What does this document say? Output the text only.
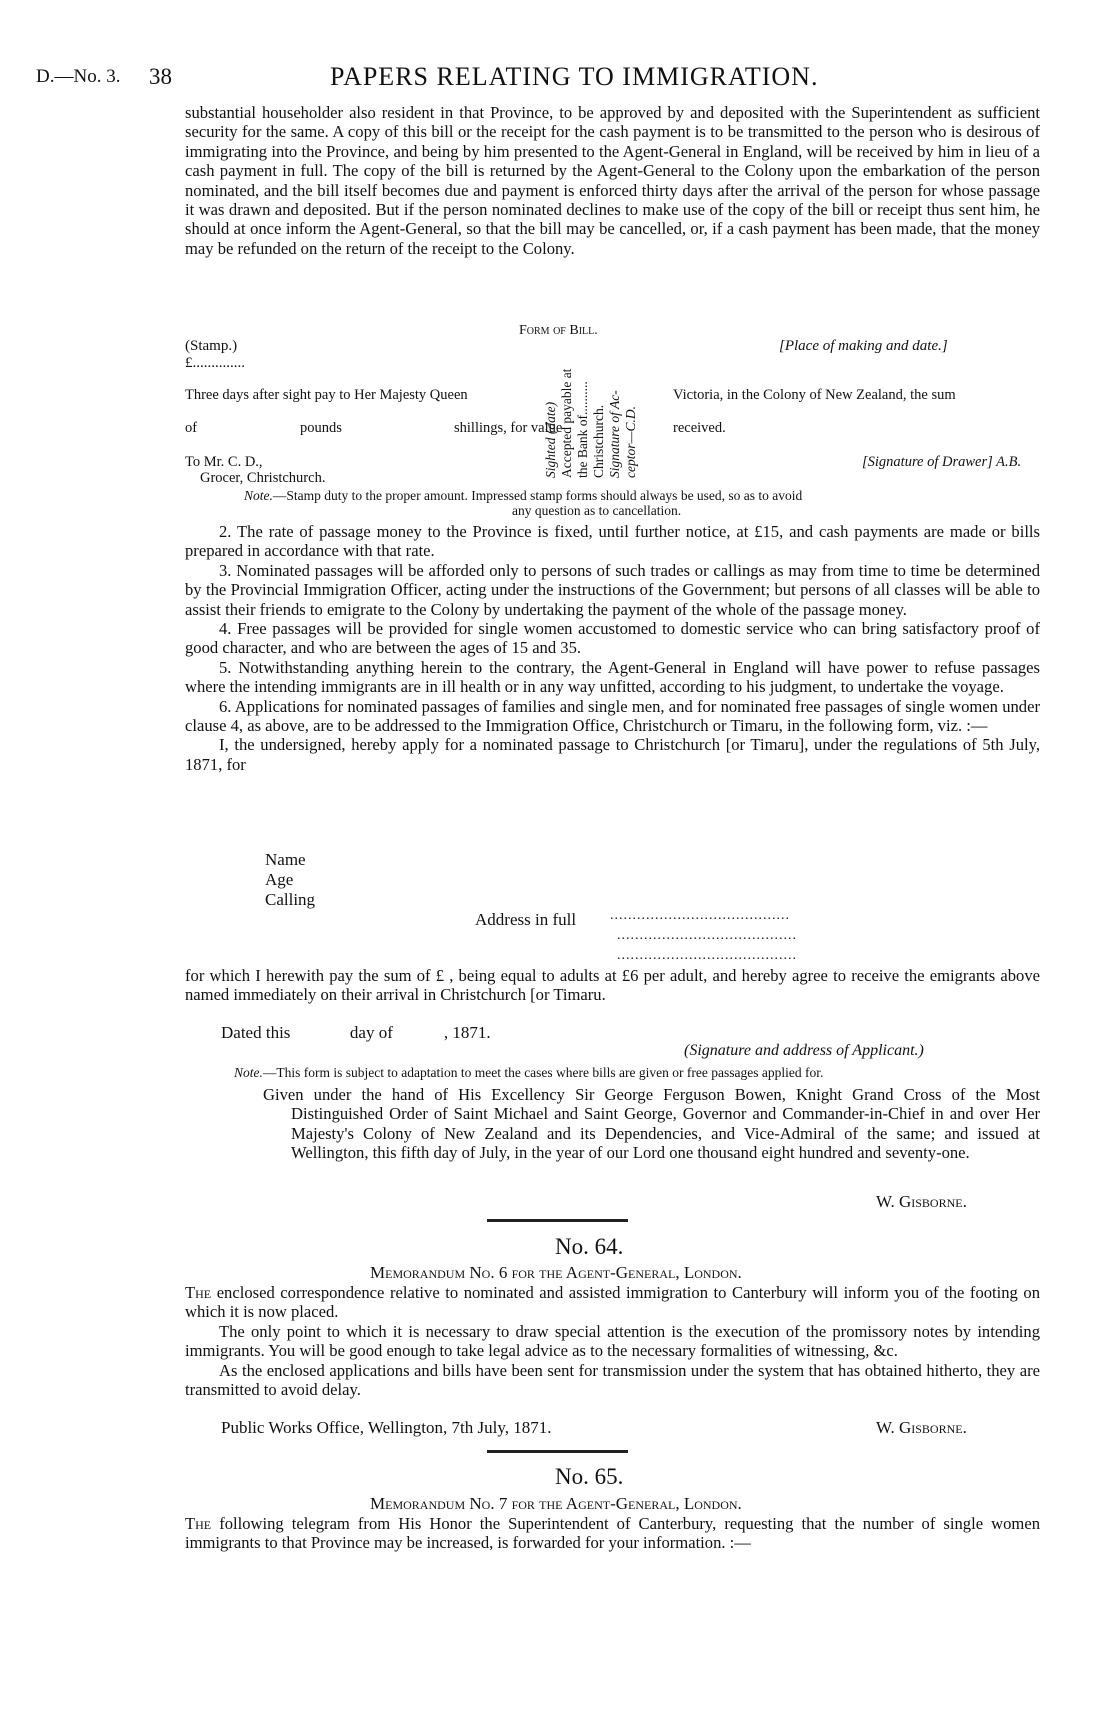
D.—No. 3. 38	PAPERS RELATING TO IMMIGRATION.

substantial householder also resident in that Province, to be approved by and deposited with the Superintendent as sufficient security for the same. A copy of this bill or the receipt for the cash payment is to be transmitted to the person who is desirous of immigrating into the Province, and being by him presented to the Agent-General in England, will be received by him in lieu of a cash payment in full. The copy of the bill is returned by the Agent-General to the Colony upon the embarkation of the person nominated, and the bill itself becomes due and payment is enforced thirty days after the arrival of the person for whose passage it was drawn and deposited. But if the person nominated declines to make use of the copy of the bill or receipt thus sent him, he should at once inform the Agent-General, so that the bill may be cancelled, or, if a cash payment has been made, that the money may be refunded on the return of the receipt to the Colony.

Form of Bill.
(Stamp.)	[Place of making and date.]
£..............
Three days after sight pay to Her Majesty Queen	Victoria, in the Colony of New Zealand, the sum
of	pounds	shillings, for value	received.
To Mr. C. D.,
Grocer, Christchurch.
[Signature of Drawer] A.B.
Sighted (date) Accepted payable at the Bank of.......... Christchurch. Signature of Ac- ceptor—C.D.
Note.—Stamp duty to the proper amount. Impressed stamp forms should always be used, so as to avoid
any question as to cancellation.

2. The rate of passage money to the Province is fixed, until further notice, at £15, and cash payments are made or bills prepared in accordance with that rate.

3. Nominated passages will be afforded only to persons of such trades or callings as may from time to time be determined by the Provincial Immigration Officer, acting under the instructions of the Government; but persons of all classes will be able to assist their friends to emigrate to the Colony by undertaking the payment of the whole of the passage money.

4. Free passages will be provided for single women accustomed to domestic service who can bring satisfactory proof of good character, and who are between the ages of 15 and 35.

5. Notwithstanding anything herein to the contrary, the Agent-General in England will have power to refuse passages where the intending immigrants are in ill health or in any way unfitted, according to his judgment, to undertake the voyage.

6. Applications for nominated passages of families and single men, and for nominated free passages of single women under clause 4, as above, are to be addressed to the Immigration Office, Christchurch or Timaru, in the following form, viz. :—

I, the undersigned, hereby apply for a nominated passage to Christchurch [or Timaru], under the regulations of 5th July, 1871, for

Name
Age
Calling
Address in full ........................................
........................................
........................................

for which I herewith pay the sum of £ , being equal to adults at £6 per adult, and hereby agree to receive the emigrants above named immediately on their arrival in Christchurch [or Timaru.

Dated this              day of            , 1871.
(Signature and address of Applicant.)
Note.—This form is subject to adaptation to meet the cases where bills are given or free passages applied for.

Given under the hand of His Excellency Sir George Ferguson Bowen, Knight Grand Cross of the Most Distinguished Order of Saint Michael and Saint George, Governor and Commander-in-Chief in and over Her Majesty's Colony of New Zealand and its Dependencies, and Vice-Admiral of the same; and issued at Wellington, this fifth day of July, in the year of our Lord one thousand eight hundred and seventy-one.

W. Gisborne.
No. 64.
Memorandum No. 6 for the Agent-General, London.

The enclosed correspondence relative to nominated and assisted immigration to Canterbury will inform you of the footing on which it is now placed.

The only point to which it is necessary to draw special attention is the execution of the promissory notes by intending immigrants. You will be good enough to take legal advice as to the necessary formalities of witnessing, &c.

As the enclosed applications and bills have been sent for transmission under the system that has obtained hitherto, they are transmitted to avoid delay.

Public Works Office, Wellington, 7th July, 1871.	W. Gisborne.
No. 65.
Memorandum No. 7 for the Agent-General, London.

The following telegram from His Honor the Superintendent of Canterbury, requesting that the number of single women immigrants to that Province may be increased, is forwarded for your information. :—
